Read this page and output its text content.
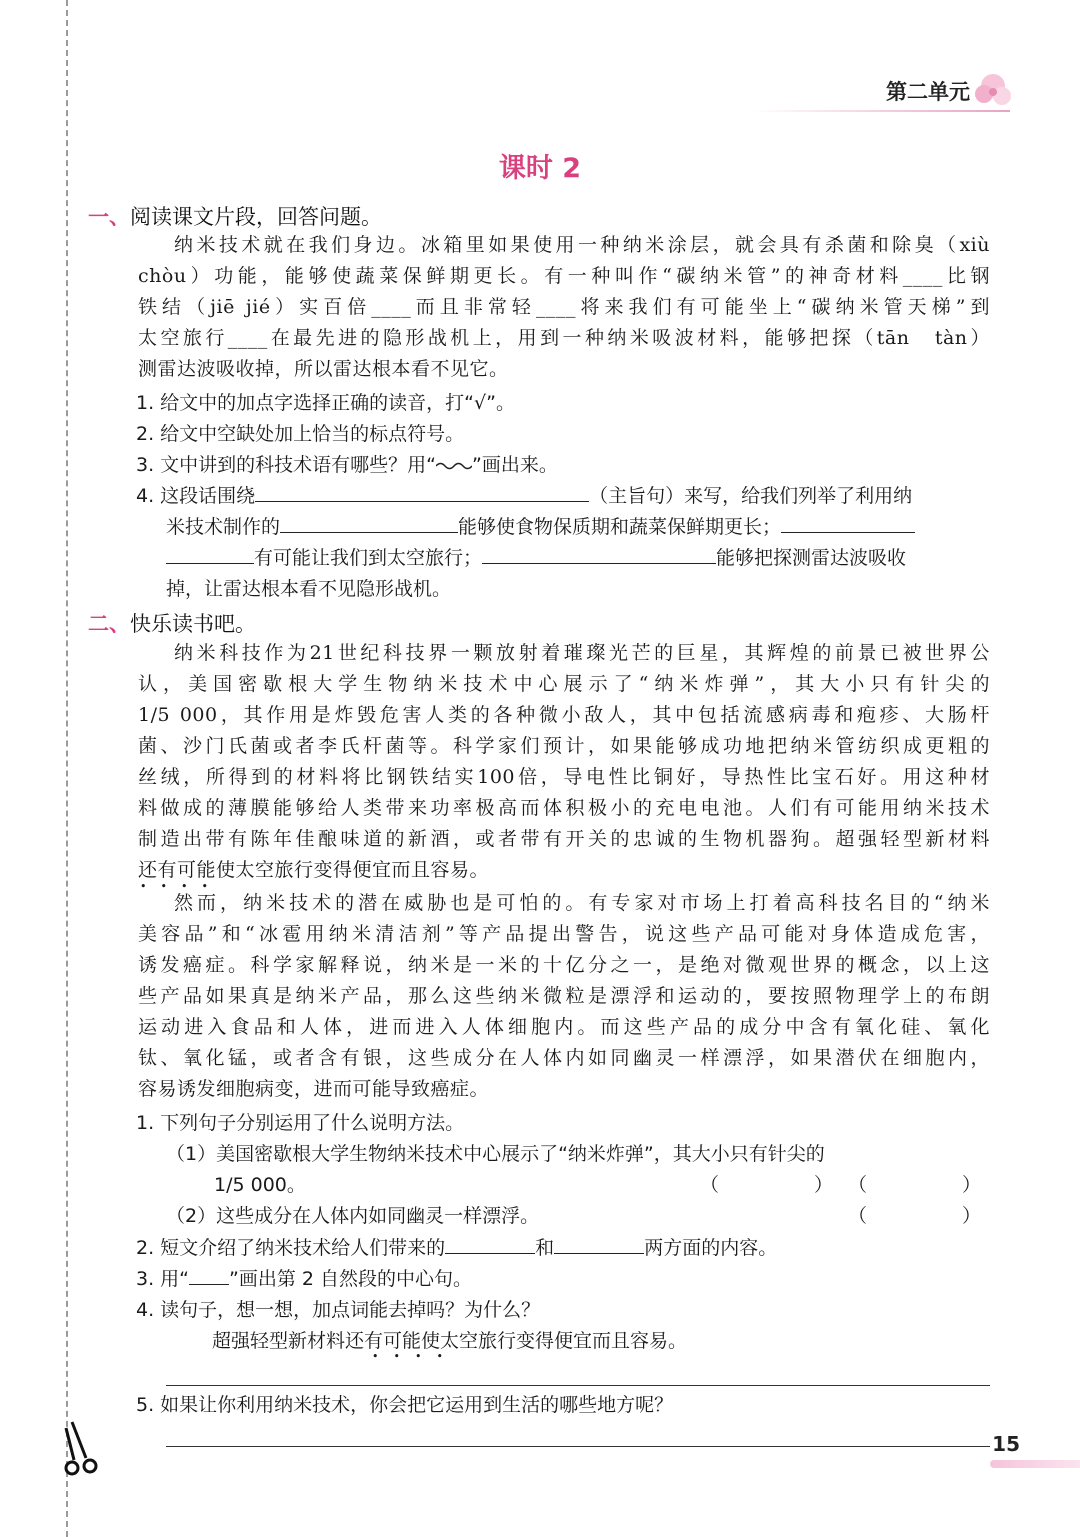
第二单元
课时 2
一、阅读课文片段，回答问题。
纳米技术就在我们身边。冰箱里如果使用一种纳米涂层，就会具有杀菌和除臭（xiù
chòu）功能，能够使蔬菜保鲜期更长。有一种叫作“碳纳米管”的神奇材料____比钢
铁结（jiē jié）实百倍____而且非常轻____将来我们有可能坐上“碳纳米管天梯”到
太空旅行____在最先进的隐形战机上，用到一种纳米吸波材料，能够把探（tān　tàn）
测雷达波吸收掉，所以雷达根本看不见它。
1. 给文中的加点字选择正确的读音，打“√”。
2. 给文中空缺处加上恰当的标点符号。
3. 文中讲到的科技术语有哪些？用“ ”画出来。
4. 这段话围绕	（主旨句）来写，给我们列举了利用纳
米技术制作的	能够使食物保质期和蔬菜保鲜期更长；
有可能让我们到太空旅行；	能够把探测雷达波吸收
掉，让雷达根本看不见隐形战机。
二、快乐读书吧。
纳米科技作为21世纪科技界一颗放射着璀璨光芒的巨星，其辉煌的前景已被世界公
认，美国密歇根大学生物纳米技术中心展示了“纳米炸弹”，其大小只有针尖的
1/5 000，其作用是炸毁危害人类的各种微小敌人，其中包括流感病毒和疱疹、大肠杆
菌、沙门氏菌或者李氏杆菌等。科学家们预计，如果能够成功地把纳米管纺织成更粗的
丝绒，所得到的材料将比钢铁结实100倍，导电性比铜好，导热性比宝石好。用这种材
料做成的薄膜能够给人类带来功率极高而体积极小的充电电池。人们有可能用纳米技术
制造出带有陈年佳酿味道的新酒，或者带有开关的忠诚的生物机器狗。超强轻型新材料
还有可能使太空旅行变得便宜而且容易。
••••
然而，纳米技术的潜在威胁也是可怕的。有专家对市场上打着高科技名目的“纳米
美容品”和“冰雹用纳米清洁剂”等产品提出警告，说这些产品可能对身体造成危害，
诱发癌症。科学家解释说，纳米是一米的十亿分之一，是绝对微观世界的概念，以上这
些产品如果真是纳米产品，那么这些纳米微粒是漂浮和运动的，要按照物理学上的布朗
运动进入食品和人体，进而进入人体细胞内。而这些产品的成分中含有氧化硅、氧化
钛、氧化锰，或者含有银，这些成分在人体内如同幽灵一样漂浮，如果潜伏在细胞内，
容易诱发细胞病变，进而可能导致癌症。
1. 下列句子分别运用了什么说明方法。
（1）美国密歇根大学生物纳米技术中心展示了“纳米炸弹”，其大小只有针尖的
1/5 000。	（　　　　　） （　　　　　）
（2）这些成分在人体内如同幽灵一样漂浮。	（　　　　　）
2. 短文介绍了纳米技术给人们带来的	和	两方面的内容。
3. 用“ ”画出第 2 自然段的中心句。
4. 读句子，想一想，加点词能去掉吗？为什么？
超强轻型新材料还有可能使太空旅行变得便宜而且容易。
••••
5. 如果让你利用纳米技术，你会把它运用到生活的哪些地方呢？
15
